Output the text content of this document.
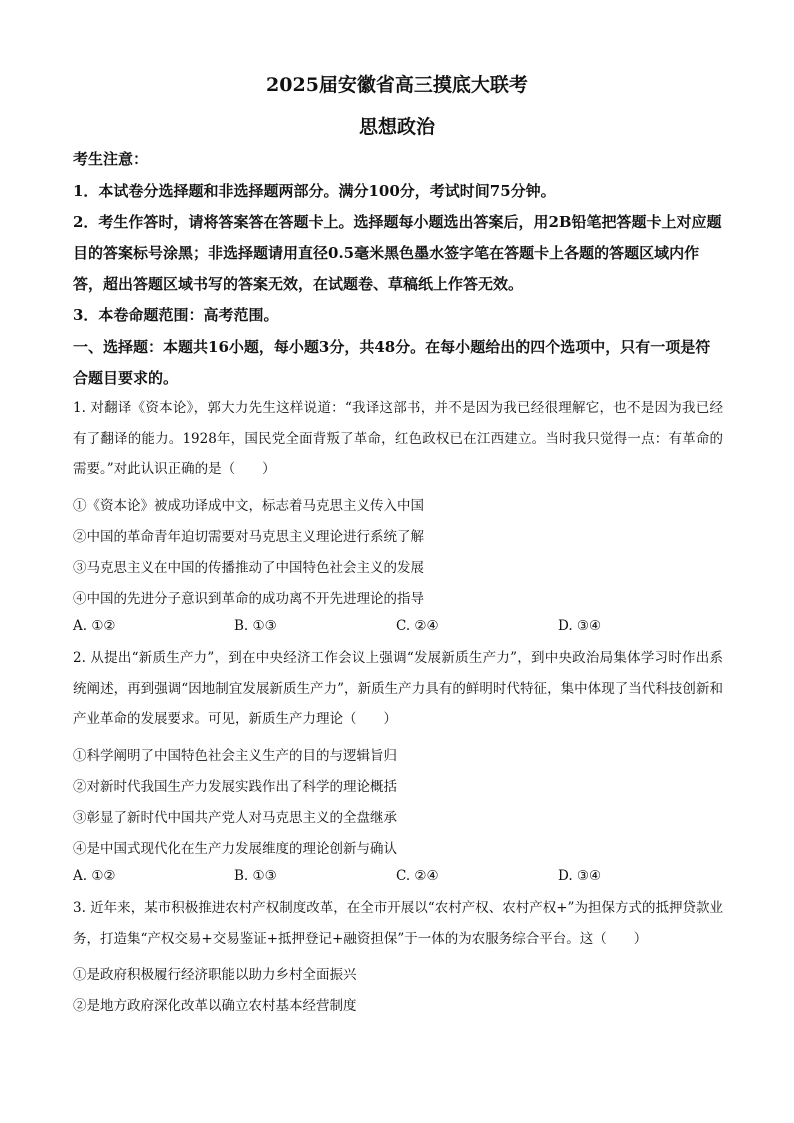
2025届安徽省高三摸底大联考
思想政治

考生注意：

1．本试卷分选择题和非选择题两部分。满分100分，考试时间75分钟。

2．考生作答时，请将答案答在答题卡上。选择题每小题选出答案后，用2B铅笔把答题卡上对应题目的答案标号涂黑；非选择题请用直径0.5毫米黑色墨水签字笔在答题卡上各题的答题区域内作答，超出答题区域书写的答案无效，在试题卷、草稿纸上作答无效。

3．本卷命题范围：高考范围。

一、选择题：本题共16小题，每小题3分，共48分。在每小题给出的四个选项中，只有一项是符合题目要求的。

1. 对翻译《资本论》，郭大力先生这样说道：“我译这部书，并不是因为我已经很理解它，也不是因为我已经有了翻译的能力。1928年，国民党全面背叛了革命，红色政权已在江西建立。当时我只觉得一点：有革命的需要。”对此认识正确的是（　　）

①《资本论》被成功译成中文，标志着马克思主义传入中国
②中国的革命青年迫切需要对马克思主义理论进行系统了解
③马克思主义在中国的传播推动了中国特色社会主义的发展
④中国的先进分子意识到革命的成功离不开先进理论的指导
A. ①②	B. ①③	C. ②④	D. ③④

2. 从提出“新质生产力”，到在中央经济工作会议上强调“发展新质生产力”，到中央政治局集体学习时作出系统阐述，再到强调“因地制宜发展新质生产力”，新质生产力具有的鲜明时代特征，集中体现了当代科技创新和产业革命的发展要求。可见，新质生产力理论（　　）

①科学阐明了中国特色社会主义生产的目的与逻辑旨归
②对新时代我国生产力发展实践作出了科学的理论概括
③彰显了新时代中国共产党人对马克思主义的全盘继承
④是中国式现代化在生产力发展维度的理论创新与确认
A. ①②	B. ①③	C. ②④	D. ③④

3. 近年来，某市积极推进农村产权制度改革，在全市开展以“农村产权、农村产权+”为担保方式的抵押贷款业务，打造集“产权交易+交易鉴证+抵押登记+融资担保”于一体的为农服务综合平台。这（　　）

①是政府积极履行经济职能以助力乡村全面振兴
②是地方政府深化改革以确立农村基本经营制度
